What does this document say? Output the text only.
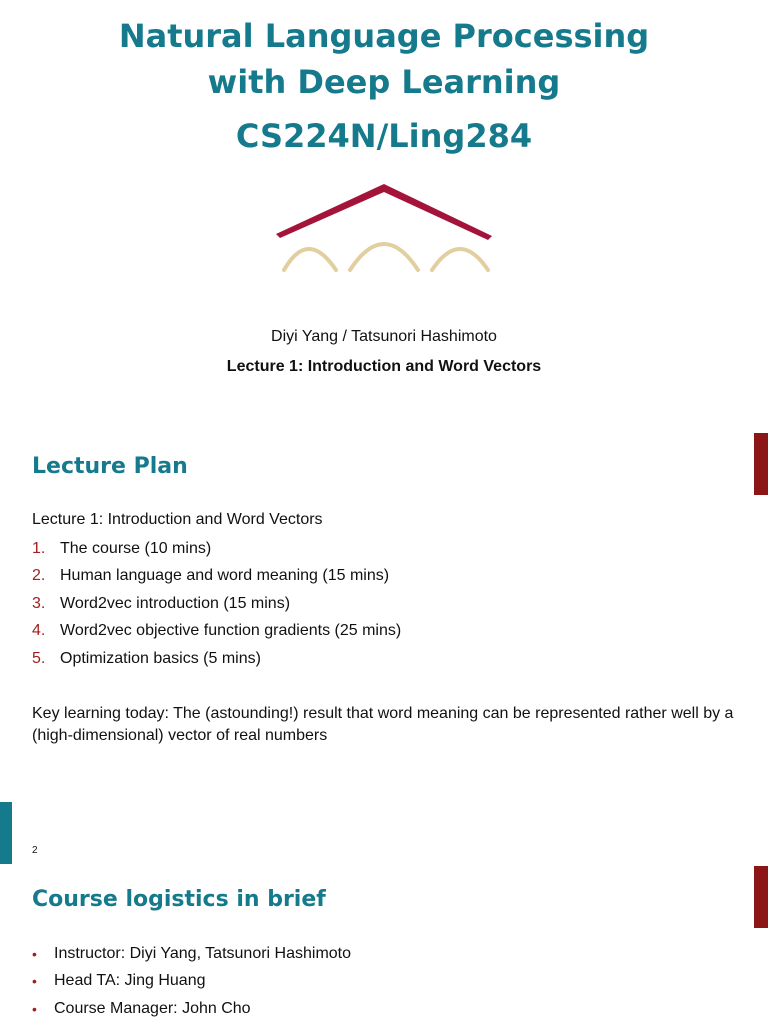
Natural Language Processing
with Deep Learning
CS224N/Ling284
Diyi Yang / Tatsunori Hashimoto
Lecture 1: Introduction and Word Vectors
Lecture Plan
Lecture 1: Introduction and Word Vectors
1. The course (10 mins)
2. Human language and word meaning (15 mins)
3. Word2vec introduction (15 mins)
4. Word2vec objective function gradients (25 mins)
5. Optimization basics (5 mins)
Key learning today: The (astounding!) result that word meaning can be represented rather well by a (high-dimensional) vector of real numbers
2
Course logistics in brief
•	Instructor: Diyi Yang, Tatsunori Hashimoto
•	Head TA: Jing Huang
•	Course Manager: John Cho
